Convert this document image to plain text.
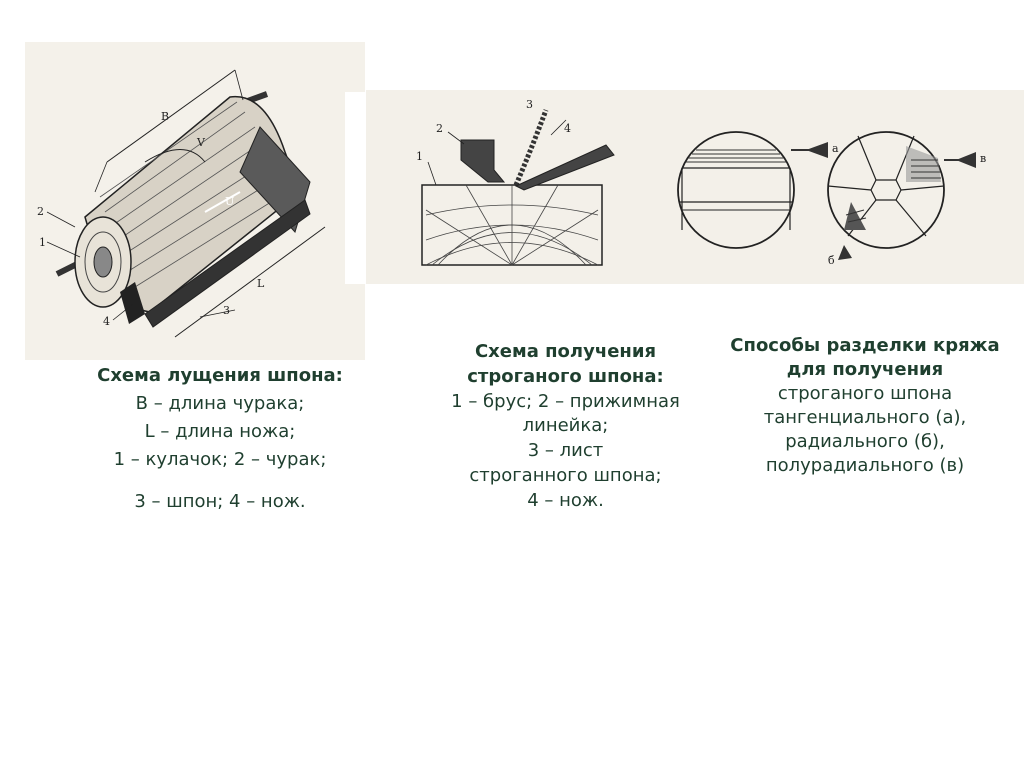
B
V
U
L
2
1
4
3
1
2
3
4
а
в
б
Схема лущения шпона:
В – длина чурака;
L – длина ножа;
1 – кулачок; 2 – чурак;
3 – шпон; 4 – нож.
Схема получения
строганого шпона:
1 – брус; 2 – прижимная
линейка;
3 – лист
строганного шпона;
4 – нож.
Способы разделки кряжа
для получения
строганого шпона
тангенциального (а),
радиального (б),
полурадиального (в)
